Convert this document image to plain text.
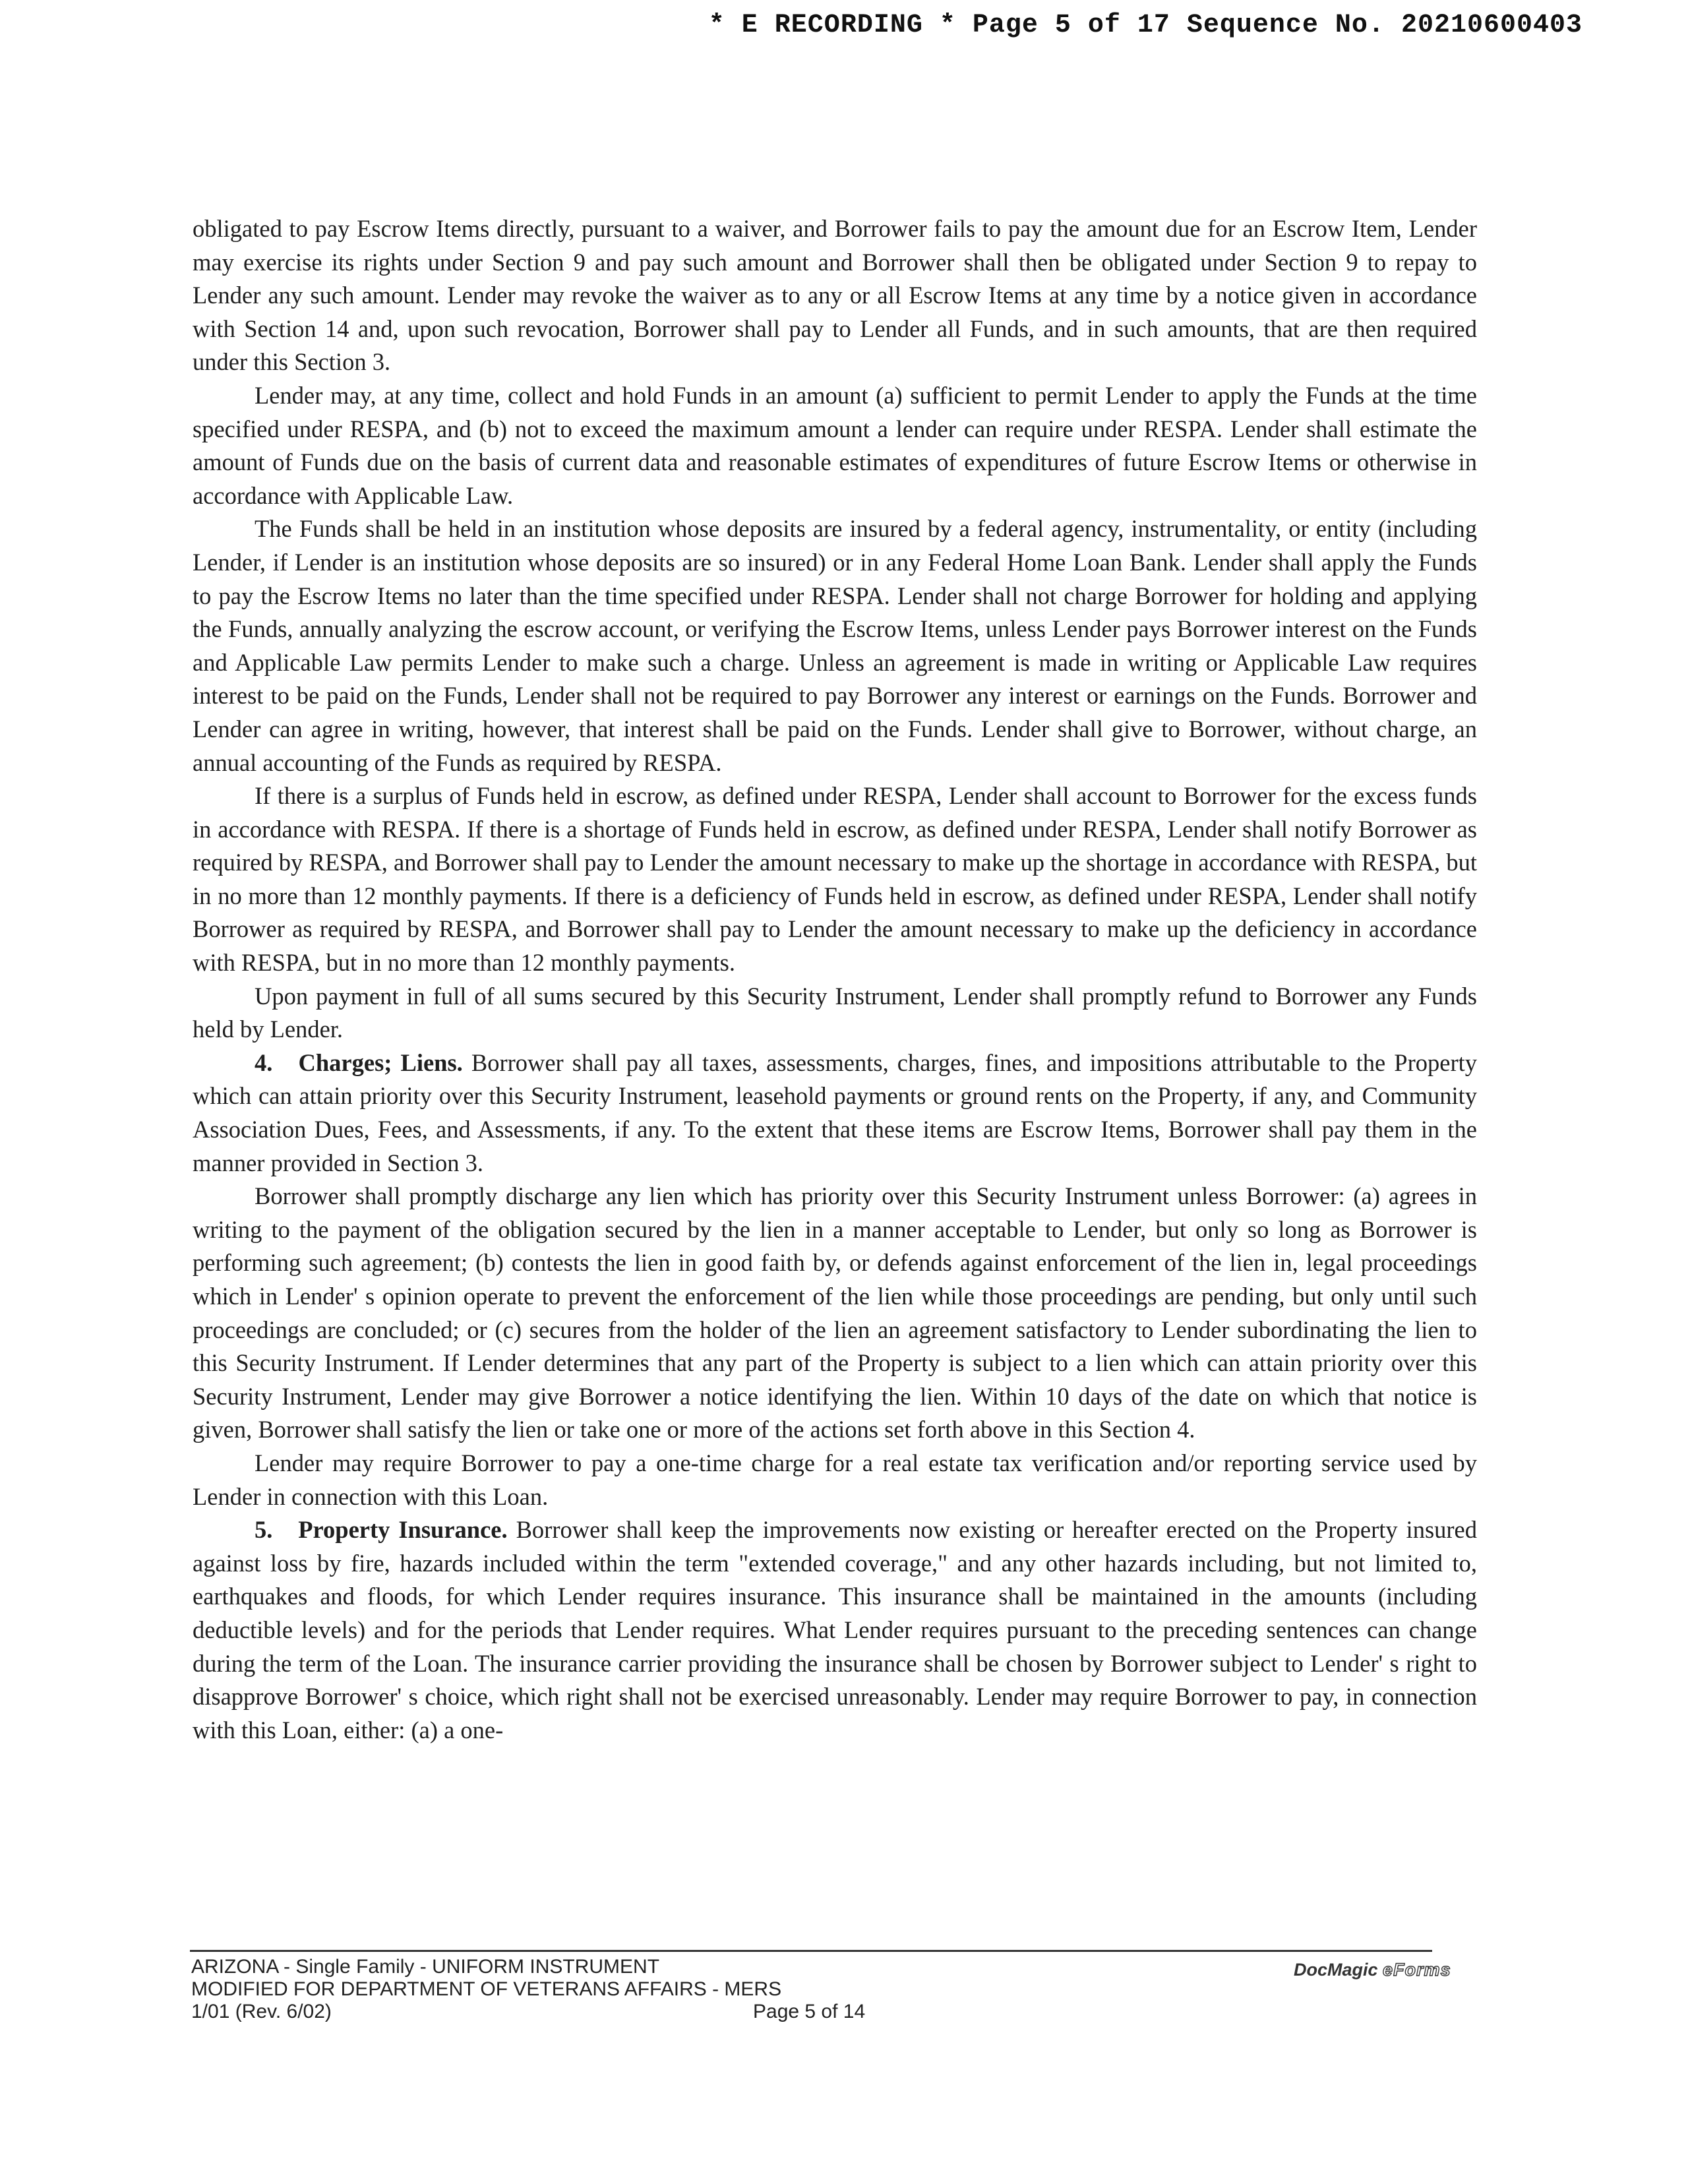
* E RECORDING * Page 5 of 17 Sequence No. 20210600403

obligated to pay Escrow Items directly, pursuant to a waiver, and Borrower fails to pay the amount due for an Escrow Item, Lender may exercise its rights under Section 9 and pay such amount and Borrower shall then be obligated under Section 9 to repay to Lender any such amount. Lender may revoke the waiver as to any or all Escrow Items at any time by a notice given in accordance with Section 14 and, upon such revocation, Borrower shall pay to Lender all Funds, and in such amounts, that are then required under this Section 3.

Lender may, at any time, collect and hold Funds in an amount (a) sufficient to permit Lender to apply the Funds at the time specified under RESPA, and (b) not to exceed the maximum amount a lender can require under RESPA. Lender shall estimate the amount of Funds due on the basis of current data and reasonable estimates of expenditures of future Escrow Items or otherwise in accordance with Applicable Law.

The Funds shall be held in an institution whose deposits are insured by a federal agency, instrumentality, or entity (including Lender, if Lender is an institution whose deposits are so insured) or in any Federal Home Loan Bank. Lender shall apply the Funds to pay the Escrow Items no later than the time specified under RESPA. Lender shall not charge Borrower for holding and applying the Funds, annually analyzing the escrow account, or verifying the Escrow Items, unless Lender pays Borrower interest on the Funds and Applicable Law permits Lender to make such a charge. Unless an agreement is made in writing or Applicable Law requires interest to be paid on the Funds, Lender shall not be required to pay Borrower any interest or earnings on the Funds. Borrower and Lender can agree in writing, however, that interest shall be paid on the Funds. Lender shall give to Borrower, without charge, an annual accounting of the Funds as required by RESPA.

If there is a surplus of Funds held in escrow, as defined under RESPA, Lender shall account to Borrower for the excess funds in accordance with RESPA. If there is a shortage of Funds held in escrow, as defined under RESPA, Lender shall notify Borrower as required by RESPA, and Borrower shall pay to Lender the amount necessary to make up the shortage in accordance with RESPA, but in no more than 12 monthly payments. If there is a deficiency of Funds held in escrow, as defined under RESPA, Lender shall notify Borrower as required by RESPA, and Borrower shall pay to Lender the amount necessary to make up the deficiency in accordance with RESPA, but in no more than 12 monthly payments.

Upon payment in full of all sums secured by this Security Instrument, Lender shall promptly refund to Borrower any Funds held by Lender.

4. Charges; Liens. Borrower shall pay all taxes, assessments, charges, fines, and impositions attributable to the Property which can attain priority over this Security Instrument, leasehold payments or ground rents on the Property, if any, and Community Association Dues, Fees, and Assessments, if any. To the extent that these items are Escrow Items, Borrower shall pay them in the manner provided in Section 3.

Borrower shall promptly discharge any lien which has priority over this Security Instrument unless Borrower: (a) agrees in writing to the payment of the obligation secured by the lien in a manner acceptable to Lender, but only so long as Borrower is performing such agreement; (b) contests the lien in good faith by, or defends against enforcement of the lien in, legal proceedings which in Lender' s opinion operate to prevent the enforcement of the lien while those proceedings are pending, but only until such proceedings are concluded; or (c) secures from the holder of the lien an agreement satisfactory to Lender subordinating the lien to this Security Instrument. If Lender determines that any part of the Property is subject to a lien which can attain priority over this Security Instrument, Lender may give Borrower a notice identifying the lien. Within 10 days of the date on which that notice is given, Borrower shall satisfy the lien or take one or more of the actions set forth above in this Section 4.

Lender may require Borrower to pay a one-time charge for a real estate tax verification and/or reporting service used by Lender in connection with this Loan.

5. Property Insurance. Borrower shall keep the improvements now existing or hereafter erected on the Property insured against loss by fire, hazards included within the term "extended coverage," and any other hazards including, but not limited to, earthquakes and floods, for which Lender requires insurance. This insurance shall be maintained in the amounts (including deductible levels) and for the periods that Lender requires. What Lender requires pursuant to the preceding sentences can change during the term of the Loan. The insurance carrier providing the insurance shall be chosen by Borrower subject to Lender' s right to disapprove Borrower' s choice, which right shall not be exercised unreasonably. Lender may require Borrower to pay, in connection with this Loan, either: (a) a one-

ARIZONA - Single Family - UNIFORM INSTRUMENT
MODIFIED FOR DEPARTMENT OF VETERANS AFFAIRS - MERS
1/01 (Rev. 6/02)	Page 5 of 14
DocMagic eForms
